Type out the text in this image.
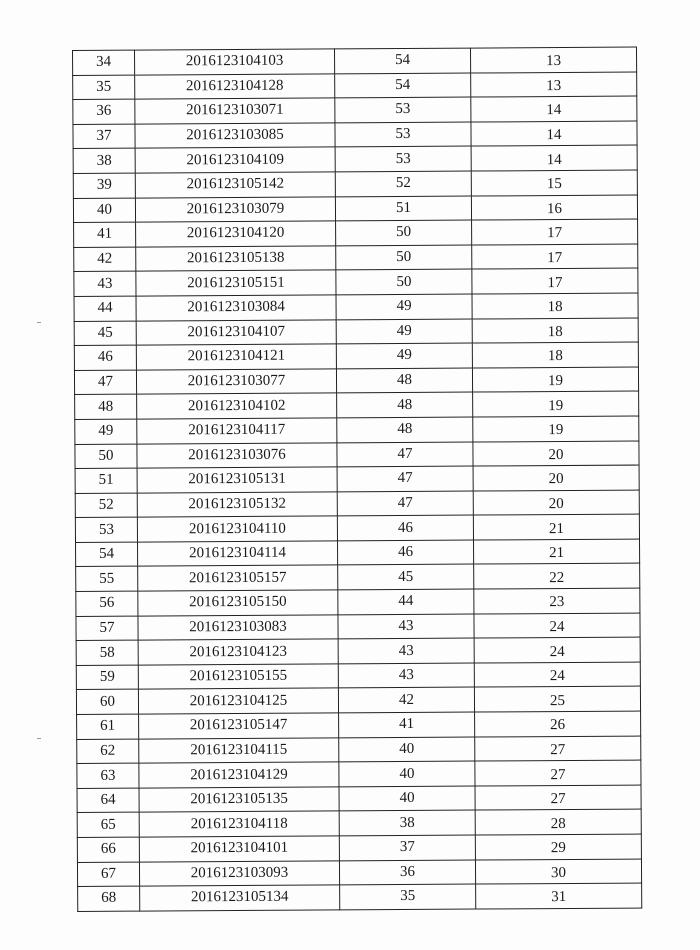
34	2016123104103	54	13
35	2016123104128	54	13
36	2016123103071	53	14
37	2016123103085	53	14
38	2016123104109	53	14
39	2016123105142	52	15
40	2016123103079	51	16
41	2016123104120	50	17
42	2016123105138	50	17
43	2016123105151	50	17
44	2016123103084	49	18
45	2016123104107	49	18
46	2016123104121	49	18
47	2016123103077	48	19
48	2016123104102	48	19
49	2016123104117	48	19
50	2016123103076	47	20
51	2016123105131	47	20
52	2016123105132	47	20
53	2016123104110	46	21
54	2016123104114	46	21
55	2016123105157	45	22
56	2016123105150	44	23
57	2016123103083	43	24
58	2016123104123	43	24
59	2016123105155	43	24
60	2016123104125	42	25
61	2016123105147	41	26
62	2016123104115	40	27
63	2016123104129	40	27
64	2016123105135	40	27
65	2016123104118	38	28
66	2016123104101	37	29
67	2016123103093	36	30
68	2016123105134	35	31
